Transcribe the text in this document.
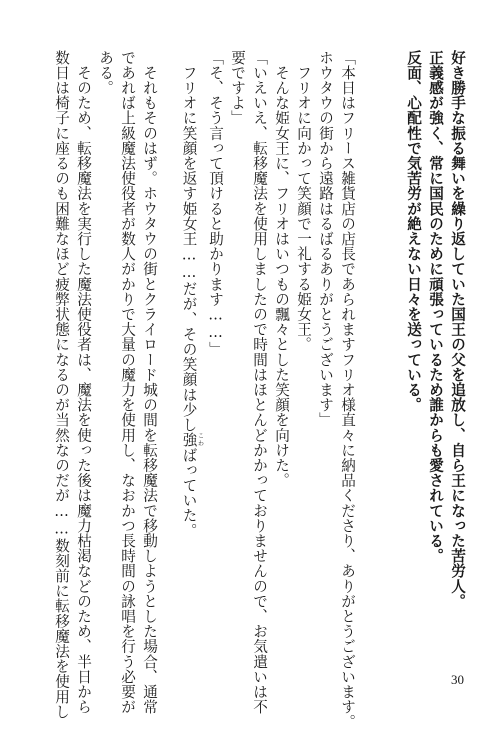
好き勝手な振る舞いを繰り返していた国王の父を追放し、自ら王になった苦労人。

正義感が強く、常に国民のために頑張っているため誰からも愛されている。

反面、心配性で気苦労が絶えない日々を送っている。

「本日はフリース雑貨店の店長であられますフリオ様直々に納品くださり、ありがとうございます。

ホウタウの街から遠路はるばるありがとうございます」

　フリオに向かって笑顔で一礼する姫女王。

　そんな姫女王に、フリオはいつもの飄々とした笑顔を向けた。

「いえいえ、転移魔法を使用しましたので時間はほとんどかかっておりませんので、お気遣いは不

要ですよ」

「そ、そう言って頂けると助かります……」

　フリオに笑顔を返す姫女王……だが、その笑顔は少し強 こわばっていた。

　それもそのはず。ホウタウの街とクライロード城の間を転移魔法で移動しようとした場合、通常

であれば上級魔法使役者が数人がかりで大量の魔力を使用し、なおかつ長時間の詠唱を行う必要が

ある。

　そのため、転移魔法を実行した魔法使役者は、魔法を使った後は魔力枯渇などのため、半日から

数日は椅子に座るのも困難なほど疲弊状態になるのが当然なのだが……数刻前に転移魔法を使用し	30
